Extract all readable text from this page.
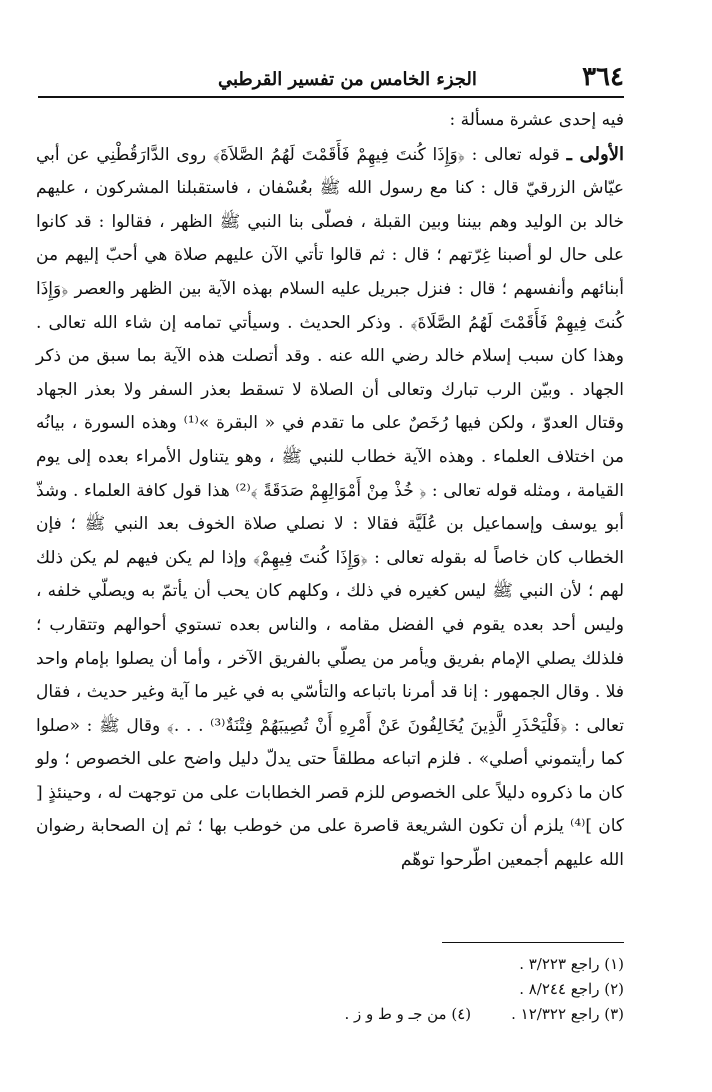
٣٦٤
الجزء الخامس من تفسير القرطبي

فيه إحدى عشرة مسألة :

الأولى ـ قوله تعالى : ﴿وَإِذَا كُنتَ فِيهِمْ فَأَقَمْتَ لَهُمُ الصَّلاَةَ﴾ روى الدَّارَقُطْنِي عن أبي عيّاش الزرقيّ قال : كنا مع رسول الله ﷺ بعُسْفان ، فاستقبلنا المشركون ، عليهم خالد بن الوليد وهم بيننا وبين القبلة ، فصلّى بنا النبي ﷺ الظهر ، فقالوا : قد كانوا على حال لو أصبنا غِرّتهم ؛ قال : ثم قالوا تأتي الآن عليهم صلاة هي أحبّ إليهم من أبنائهم وأنفسهم ؛ قال : فنزل جبريل عليه السلام بهذه الآية بين الظهر والعصر ﴿وَإِذَا كُنتَ فِيهِمْ فَأَقَمْتَ لَهُمُ الصَّلَاةَ﴾ . وذكر الحديث . وسيأتي تمامه إن شاء الله تعالى . وهذا كان سبب إسلام خالد رضي الله عنه . وقد أتصلت هذه الآية بما سبق من ذكر الجهاد . وبيّن الرب تبارك وتعالى أن الصلاة لا تسقط بعذر السفر ولا بعذر الجهاد وقتال العدوّ ، ولكن فيها رُخَصٌ على ما تقدم في « البقرة »⁽¹⁾ وهذه السورة ، بيانُه من اختلاف العلماء . وهذه الآية خطاب للنبي ﷺ ، وهو يتناول الأمراء بعده إلى يوم القيامة ، ومثله قوله تعالى : ﴿ خُذْ مِنْ أَمْوَالِهِمْ صَدَقَةً ﴾⁽²⁾ هذا قول كافة العلماء . وشذّ أبو يوسف وإسماعيل بن عُلَيَّة فقالا : لا نصلي صلاة الخوف بعد النبي ﷺ ؛ فإن الخطاب كان خاصاً له بقوله تعالى : ﴿وَإِذَا كُنتَ فِيهِمْ﴾ وإذا لم يكن فيهم لم يكن ذلك لهم ؛ لأن النبي ﷺ ليس كغيره في ذلك ، وكلهم كان يحب أن يأتمّ به ويصلّي خلفه ، وليس أحد بعده يقوم في الفضل مقامه ، والناس بعده تستوي أحوالهم وتتقارب ؛ فلذلك يصلي الإمام بفريق ويأمر من يصلّي بالفريق الآخر ، وأما أن يصلوا بإمام واحد فلا . وقال الجمهور : إنا قد أمرنا باتباعه والتأسّي به في غير ما آية وغير حديث ، فقال تعالى : ﴿فَلْيَحْذَرِ الَّذِينَ يُخَالِفُونَ عَنْ أَمْرِهِ أَنْ تُصِيبَهُمْ فِتْنَةٌ⁽³⁾ . . .﴾ وقال ﷺ : «صلوا كما رأيتموني أصلي» . فلزم اتباعه مطلقاً حتى يدلّ دليل واضح على الخصوص ؛ ولو كان ما ذكروه دليلاً على الخصوص للزم قصر الخطابات على من توجهت له ، وحينئذٍ [ كان ]⁽⁴⁾ يلزم أن تكون الشريعة قاصرة على من خوطب بها ؛ ثم إن الصحابة رضوان الله عليهم أجمعين اطّرحوا توهّم

(١) راجع ٣/٢٢٣ .
(٢) راجع ٨/٢٤٤ .
(٣) راجع ١٢/٣٢٢ .
(٤) من جـ و ط و ز .
